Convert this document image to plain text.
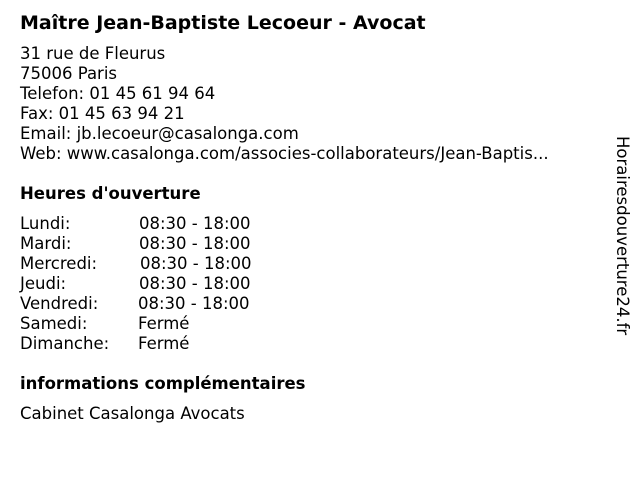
Maître Jean-Baptiste Lecoeur - Avocat
31 rue de Fleurus
75006 Paris
Telefon: 01 45 61 94 64
Fax: 01 45 63 94 21
Email: jb.lecoeur@casalonga.com
Web: www.casalonga.com/associes-collaborateurs/Jean-Baptis...
Heures d'ouverture
Lundi:	08:30 - 18:00
Mardi:	08:30 - 18:00
Mercredi:	08:30 - 18:00
Jeudi:	08:30 - 18:00
Vendredi: 08:30 - 18:00
Samedi:	Fermé
Dimanche: Fermé
informations complémentaires
Cabinet Casalonga Avocats
Horairesdouverture24.fr
